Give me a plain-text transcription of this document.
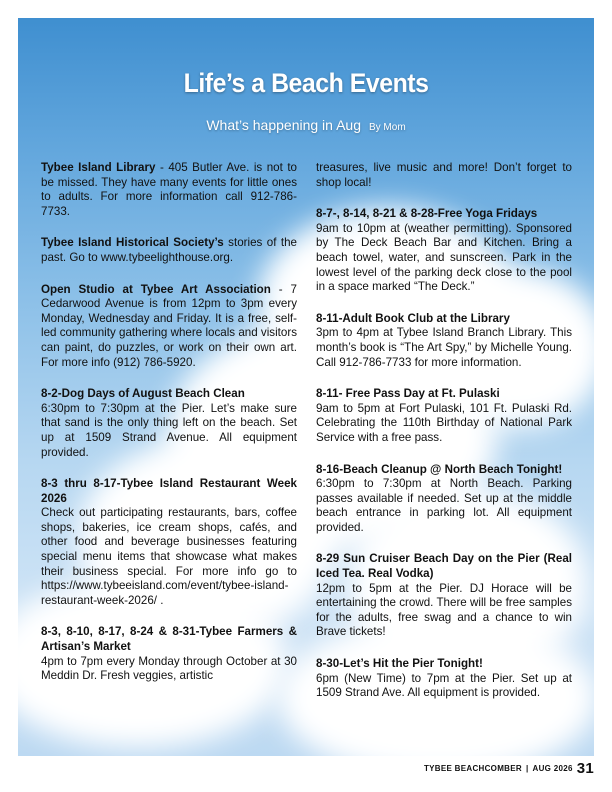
Life’s a Beach Events
What’s happening in Aug By Mom
Tybee Island Library - 405 Butler Ave. is not to be missed. They have many events for little ones to adults. For more information call 912-786-7733.
Tybee Island Historical Society’s stories of the past. Go to www.tybeelighthouse.org.
Open Studio at Tybee Art Association - 7 Cedarwood Avenue is from 12pm to 3pm every Monday, Wednesday and Friday. It is a free, self-led community gathering where locals and visitors can paint, do puzzles, or work on their own art. For more info (912) 786-5920.
8-2-Dog Days of August Beach Clean
6:30pm to 7:30pm at the Pier. Let’s make sure that sand is the only thing left on the beach. Set up at 1509 Strand Avenue. All equipment provided.
8-3 thru 8-17-Tybee Island Restaurant Week 2026
Check out participating restaurants, bars, coffee shops, bakeries, ice cream shops, cafés, and other food and beverage businesses featuring special menu items that showcase what makes their business special. For more info go to https://www.tybeeisland.com/event/tybee-island-restaurant-week-2026/ .
8-3, 8-10, 8-17, 8-24 & 8-31-Tybee Farmers & Artisan’s Market
4pm to 7pm every Monday through October at 30 Meddin Dr. Fresh veggies, artistic
treasures, live music and more! Don’t forget to shop local!
8-7-, 8-14, 8-21 & 8-28-Free Yoga Fridays
9am to 10pm at (weather permitting). Sponsored by The Deck Beach Bar and Kitchen. Bring a beach towel, water, and sunscreen. Park in the lowest level of the parking deck close to the pool in a space marked “The Deck.”
8-11-Adult Book Club at the Library
3pm to 4pm at Tybee Island Branch Library. This month’s book is “The Art Spy,” by Michelle Young. Call 912-786-7733 for more information.
8-11- Free Pass Day at Ft. Pulaski
9am to 5pm at Fort Pulaski, 101 Ft. Pulaski Rd. Celebrating the 110th Birthday of National Park Service with a free pass.
8-16-Beach Cleanup @ North Beach Tonight!
6:30pm to 7:30pm at North Beach. Parking passes available if needed. Set up at the middle beach entrance in parking lot. All equipment provided.
8-29 Sun Cruiser Beach Day on the Pier (Real Iced Tea. Real Vodka)
12pm to 5pm at the Pier. DJ Horace will be entertaining the crowd. There will be free samples for the adults, free swag and a chance to win Brave tickets!
8-30-Let’s Hit the Pier Tonight!
6pm (New Time) to 7pm at the Pier. Set up at 1509 Strand Ave. All equipment is provided.
TYBEE BEACHCOMBER | AUG 2026 31
